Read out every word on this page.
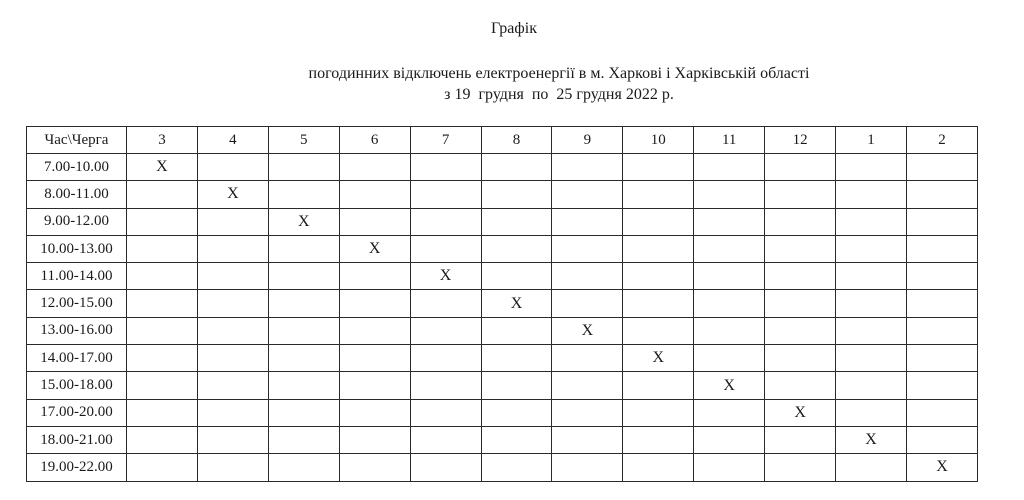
Графік
погодинних відключень електроенергії в м. Харкові і Харківській області
з 19  грудня  по  25 грудня 2022 р.
Час\Черга	3	4	5	6	7	8	9	10	11	12	1	2
7.00-10.00	X											
8.00-11.00		X										
9.00-12.00			X									
10.00-13.00				X								
11.00-14.00					X							
12.00-15.00						X						
13.00-16.00							X					
14.00-17.00								X				
15.00-18.00									X			
17.00-20.00										X		
18.00-21.00											X	
19.00-22.00												X
